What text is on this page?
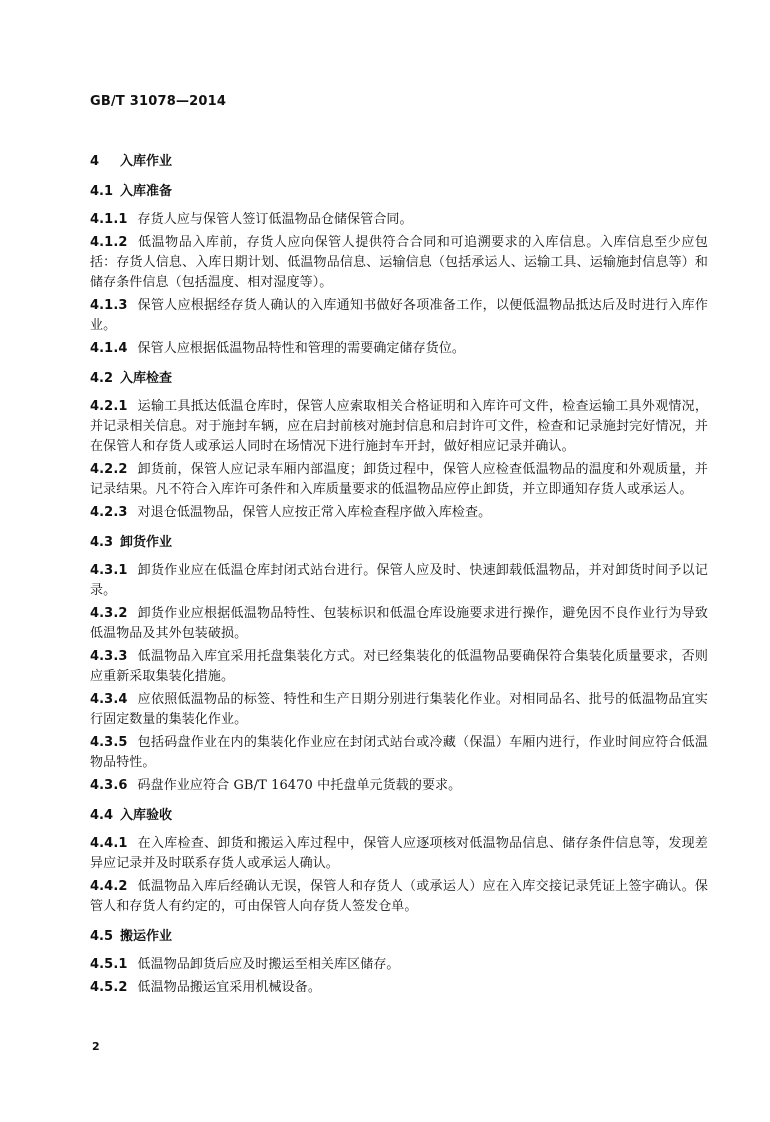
GB/T 31078—2014
4 入库作业
4.1 入库准备
4.1.1 存货人应与保管人签订低温物品仓储保管合同。
4.1.2 低温物品入库前，存货人应向保管人提供符合合同和可追溯要求的入库信息。入库信息至少应包括：存货人信息、入库日期计划、低温物品信息、运输信息（包括承运人、运输工具、运输施封信息等）和储存条件信息（包括温度、相对湿度等）。
4.1.3 保管人应根据经存货人确认的入库通知书做好各项准备工作，以便低温物品抵达后及时进行入库作业。
4.1.4 保管人应根据低温物品特性和管理的需要确定储存货位。
4.2 入库检查
4.2.1 运输工具抵达低温仓库时，保管人应索取相关合格证明和入库许可文件，检查运输工具外观情况，并记录相关信息。对于施封车辆，应在启封前核对施封信息和启封许可文件，检查和记录施封完好情况，并在保管人和存货人或承运人同时在场情况下进行施封车开封，做好相应记录并确认。
4.2.2 卸货前，保管人应记录车厢内部温度；卸货过程中，保管人应检查低温物品的温度和外观质量，并记录结果。凡不符合入库许可条件和入库质量要求的低温物品应停止卸货，并立即通知存货人或承运人。
4.2.3 对退仓低温物品，保管人应按正常入库检查程序做入库检查。
4.3 卸货作业
4.3.1 卸货作业应在低温仓库封闭式站台进行。保管人应及时、快速卸载低温物品，并对卸货时间予以记录。
4.3.2 卸货作业应根据低温物品特性、包装标识和低温仓库设施要求进行操作，避免因不良作业行为导致低温物品及其外包装破损。
4.3.3 低温物品入库宜采用托盘集装化方式。对已经集装化的低温物品要确保符合集装化质量要求，否则应重新采取集装化措施。
4.3.4 应依照低温物品的标签、特性和生产日期分别进行集装化作业。对相同品名、批号的低温物品宜实行固定数量的集装化作业。
4.3.5 包括码盘作业在内的集装化作业应在封闭式站台或冷藏（保温）车厢内进行，作业时间应符合低温物品特性。
4.3.6 码盘作业应符合 GB/T 16470 中托盘单元货载的要求。
4.4 入库验收
4.4.1 在入库检查、卸货和搬运入库过程中，保管人应逐项核对低温物品信息、储存条件信息等，发现差异应记录并及时联系存货人或承运人确认。
4.4.2 低温物品入库后经确认无误，保管人和存货人（或承运人）应在入库交接记录凭证上签字确认。保管人和存货人有约定的，可由保管人向存货人签发仓单。
4.5 搬运作业
4.5.1 低温物品卸货后应及时搬运至相关库区储存。
4.5.2 低温物品搬运宜采用机械设备。
2
